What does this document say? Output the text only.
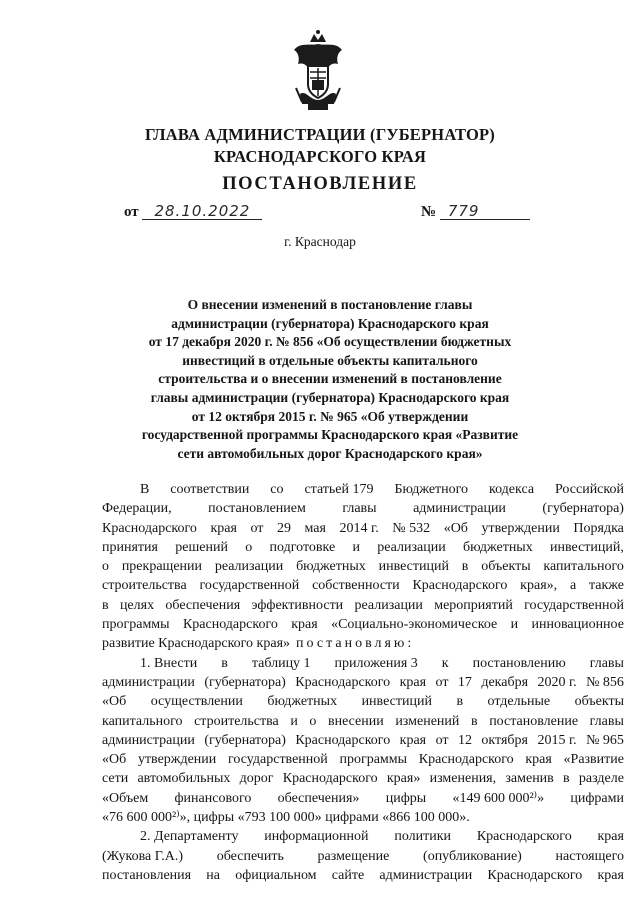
ГЛАВА АДМИНИСТРАЦИИ (ГУБЕРНАТОР)
КРАСНОДАРСКОГО КРАЯ
ПОСТАНОВЛЕНИЕ
от 28.10.2022	№ 779
г. Краснодар
О внесении изменений в постановление главы
администрации (губернатора) Краснодарского края
от 17 декабря 2020 г. № 856 «Об осуществлении бюджетных
инвестиций в отдельные объекты капитального
строительства и о внесении изменений в постановление
главы администрации (губернатора) Краснодарского края
от 12 октября 2015 г. № 965 «Об утверждении
государственной программы Краснодарского края «Развитие
сети автомобильных дорог Краснодарского края»
В соответствии со статьей 179 Бюджетного кодекса Российской
Федерации,	постановлением	главы	администрации	(губернатора)
Краснодарского края от 29 мая 2014 г. № 532 «Об утверждении Порядка
принятия решений о подготовке и реализации бюджетных инвестиций,
о прекращении реализации бюджетных инвестиций в объекты капитального
строительства государственной собственности Краснодарского края», а также
в целях обеспечения эффективности реализации мероприятий государственной
программы Краснодарского края «Социально-экономическое и инновационное
развитие Краснодарского края» постановляю:
1. Внести в таблицу 1 приложения 3 к постановлению главы
администрации (губернатора) Краснодарского края от 17 декабря 2020 г. № 856
«Об осуществлении бюджетных инвестиций в отдельные объекты
капитального строительства и о внесении изменений в постановление главы
администрации (губернатора) Краснодарского края от 12 октября 2015 г. № 965
«Об утверждении государственной программы Краснодарского края «Развитие
сети автомобильных дорог Краснодарского края» изменения, заменив в разделе
«Объем финансового обеспечения» цифры «149 600 000²⁾» цифрами
«76 600 000²⁾», цифры «793 100 000» цифрами «866 100 000».
2. Департаменту информационной политики Краснодарского края
(Жукова Г.А.) обеспечить размещение (опубликование) настоящего
постановления на официальном сайте администрации Краснодарского края
